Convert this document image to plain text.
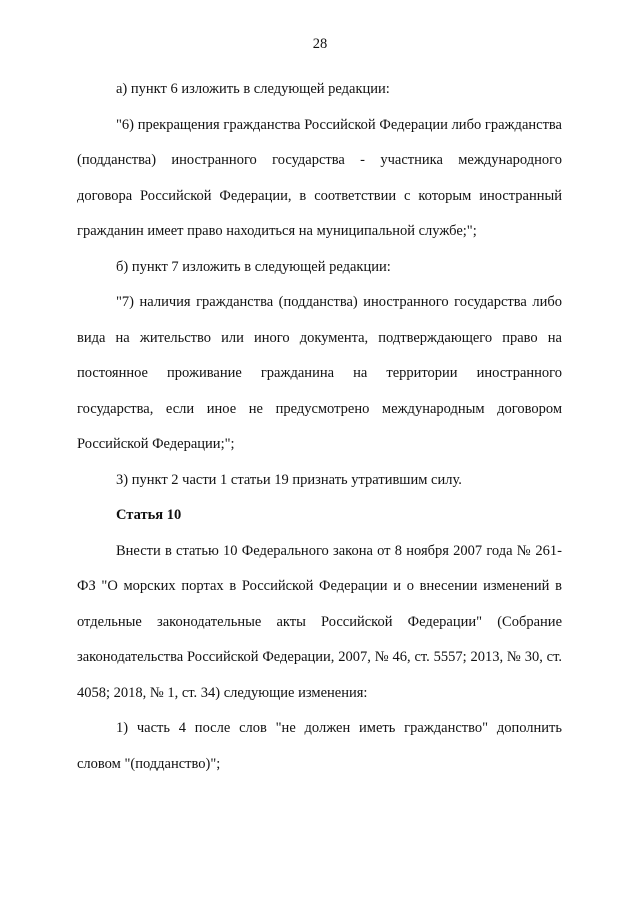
28

а) пункт 6 изложить в следующей редакции:

"6) прекращения гражданства Российской Федерации либо гражданства (подданства) иностранного государства - участника международного договора Российской Федерации, в соответствии с которым иностранный гражданин имеет право находиться на муниципальной службе;";

б) пункт 7 изложить в следующей редакции:

"7) наличия гражданства (подданства) иностранного государства либо вида на жительство или иного документа, подтверждающего право на постоянное проживание гражданина на территории иностранного государства, если иное не предусмотрено международным договором Российской Федерации;";

3) пункт 2 части 1 статьи 19 признать утратившим силу.

Статья 10

Внести в статью 10 Федерального закона от 8 ноября 2007 года № 261-ФЗ "О морских портах в Российской Федерации и о внесении изменений в отдельные законодательные акты Российской Федерации" (Собрание законодательства Российской Федерации, 2007, № 46, ст. 5557; 2013, № 30, ст. 4058; 2018, № 1, ст. 34) следующие изменения:

1) часть 4 после слов "не должен иметь гражданство" дополнить словом "(подданство)";
